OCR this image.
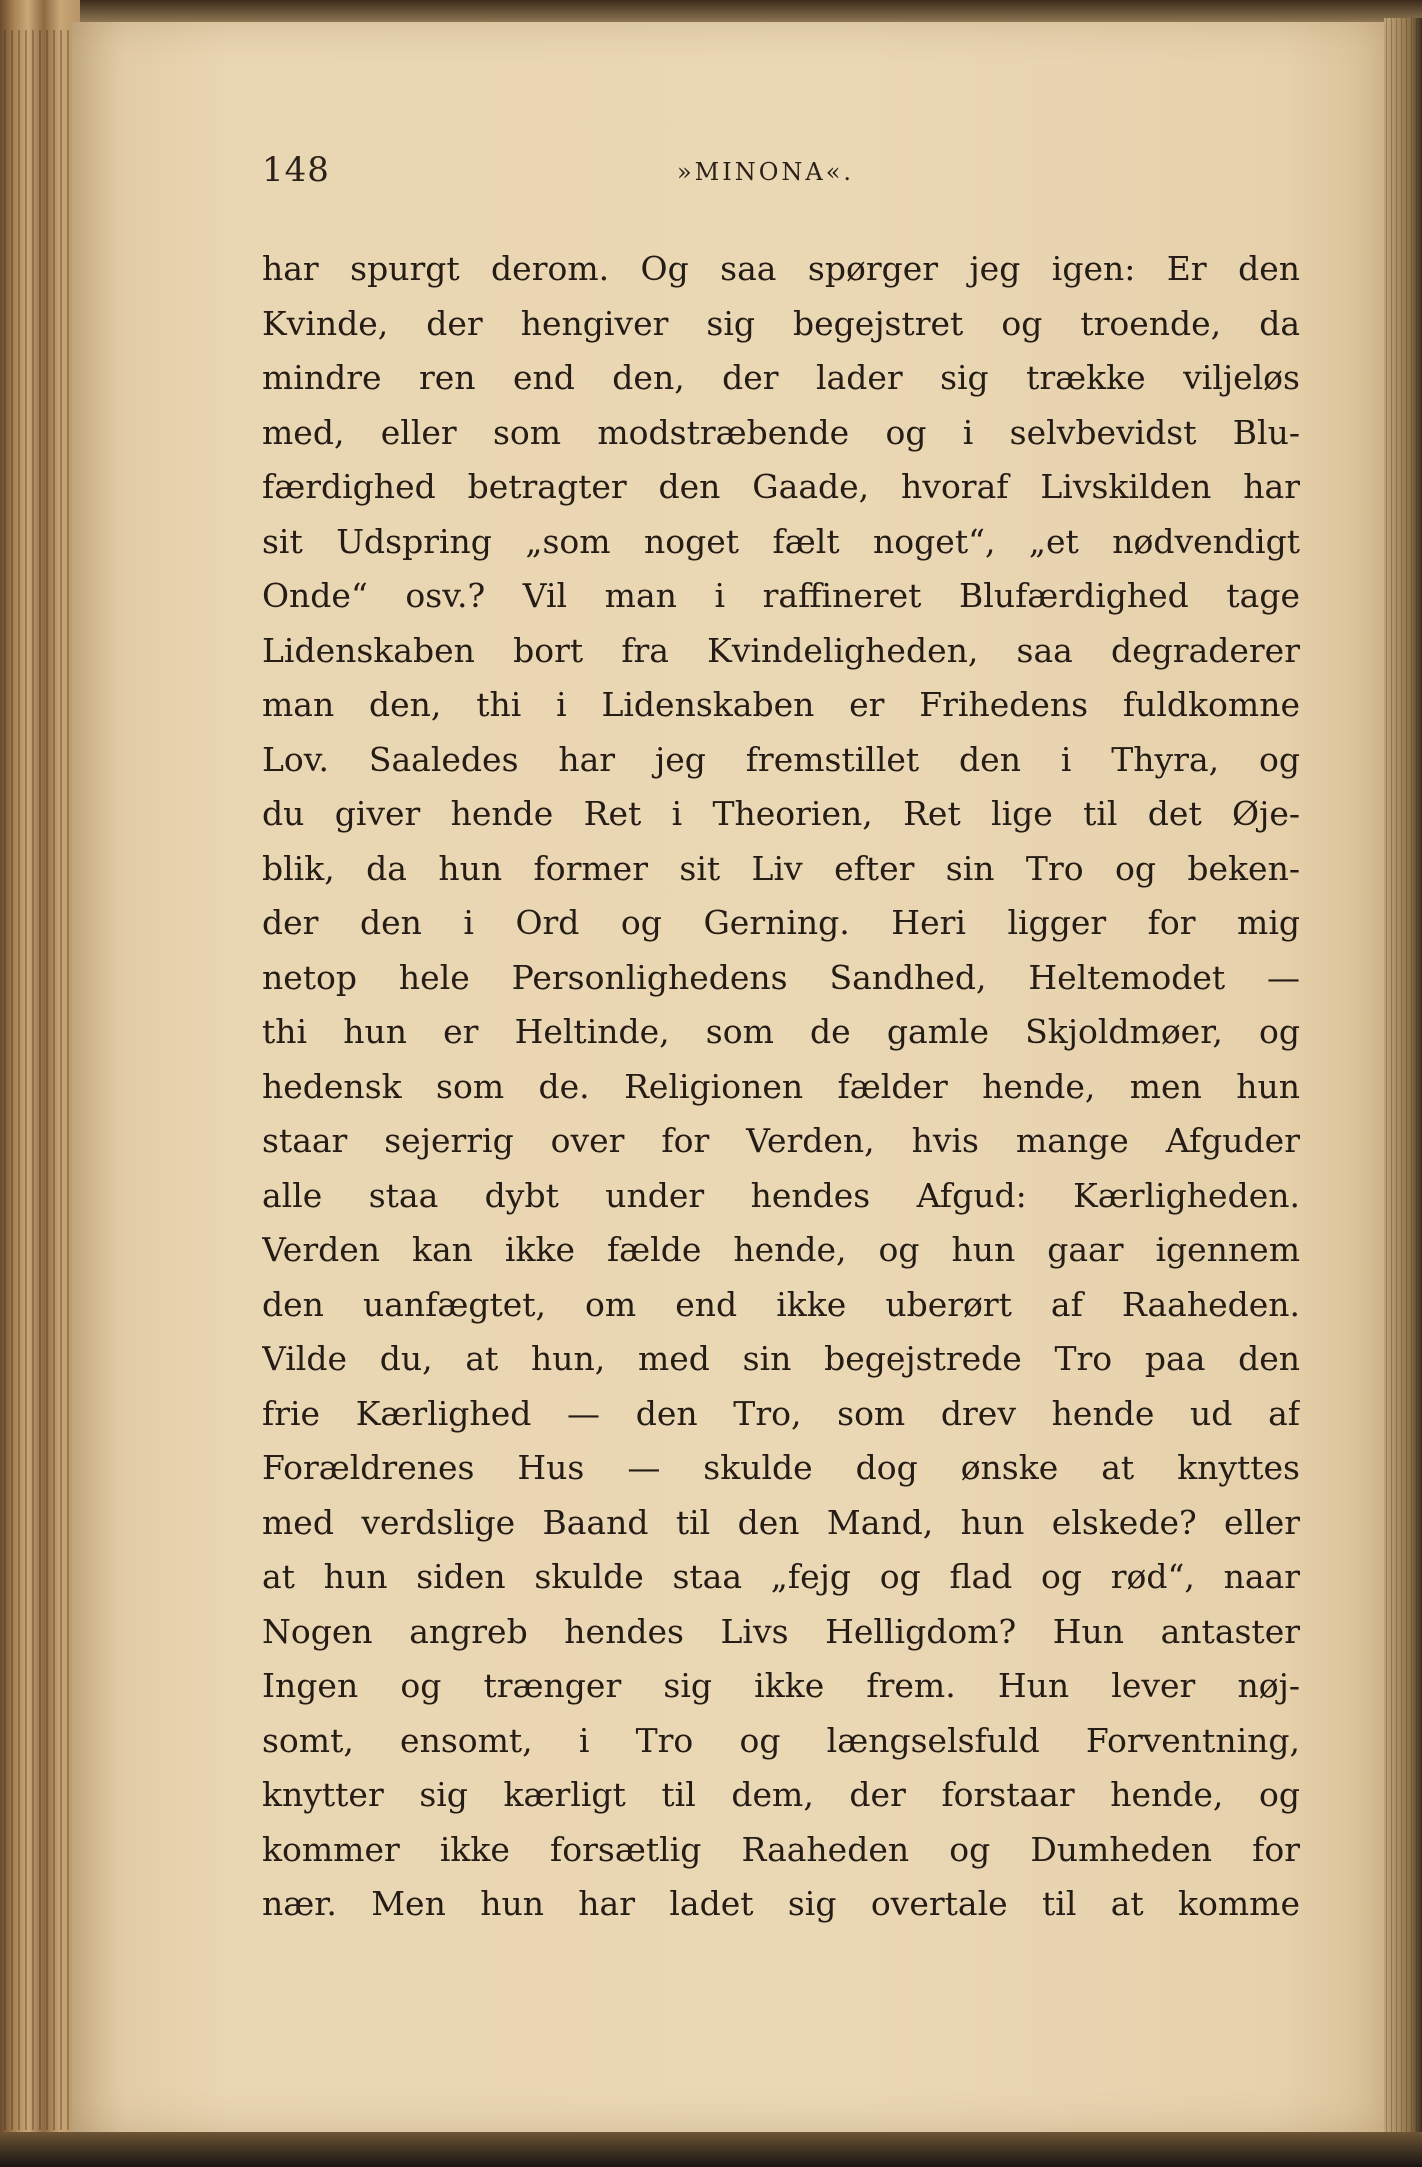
148	»MINONA«.
har spurgt derom. Og saa spørger jeg igen: Er den
Kvinde, der hengiver sig begejstret og troende, da
mindre ren end den, der lader sig trække viljeløs
med, eller som modstræbende og i selvbevidst Blu-
færdighed betragter den Gaade, hvoraf Livskilden har
sit Udspring „som noget fælt noget“, „et nødvendigt
Onde“ osv.? Vil man i raffineret Blufærdighed tage
Lidenskaben bort fra Kvindeligheden, saa degraderer
man den, thi i Lidenskaben er Frihedens fuldkomne
Lov. Saaledes har jeg fremstillet den i Thyra, og
du giver hende Ret i Theorien, Ret lige til det Øje-
blik, da hun former sit Liv efter sin Tro og beken-
der den i Ord og Gerning. Heri ligger for mig
netop hele Personlighedens Sandhed, Heltemodet —
thi hun er Heltinde, som de gamle Skjoldmøer, og
hedensk som de. Religionen fælder hende, men hun
staar sejerrig over for Verden, hvis mange Afguder
alle staa dybt under hendes Afgud: Kærligheden.
Verden kan ikke fælde hende, og hun gaar igennem
den uanfægtet, om end ikke uberørt af Raaheden.
Vilde du, at hun, med sin begejstrede Tro paa den
frie Kærlighed — den Tro, som drev hende ud af
Forældrenes Hus — skulde dog ønske at knyttes
med verdslige Baand til den Mand, hun elskede? eller
at hun siden skulde staa „fejg og flad og rød“, naar
Nogen angreb hendes Livs Helligdom? Hun antaster
Ingen og trænger sig ikke frem. Hun lever nøj-
somt, ensomt, i Tro og længselsfuld Forventning,
knytter sig kærligt til dem, der forstaar hende, og
kommer ikke forsætlig Raaheden og Dumheden for
nær. Men hun har ladet sig overtale til at komme
